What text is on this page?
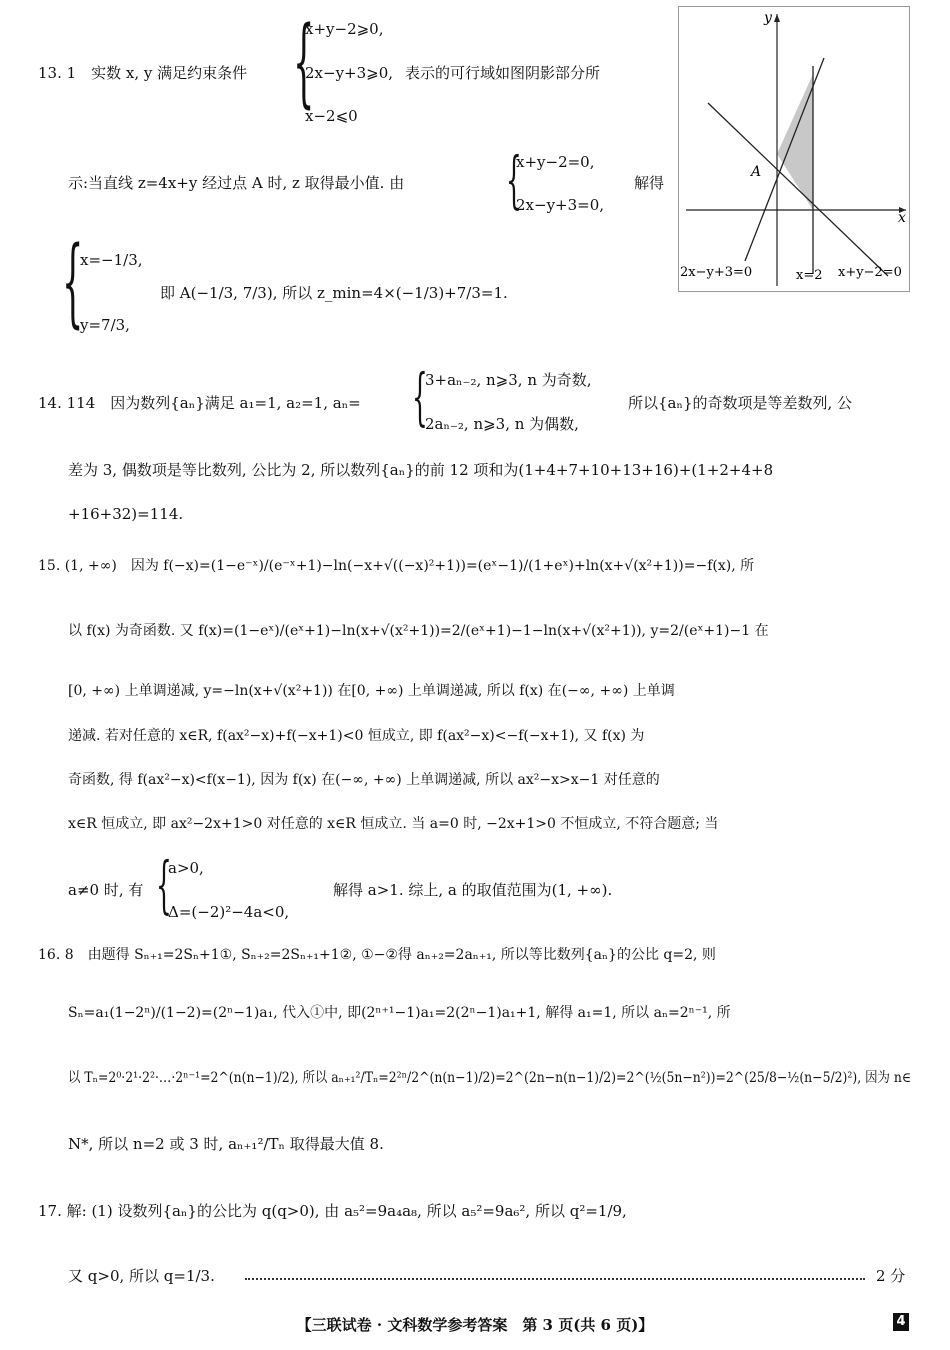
13. 1　实数 x, y 满足约束条件 {
x+y−2⩾0,
2x−y+3⩾0, 表示的可行域如图阴影部分所
x−2⩽0
示:当直线 z=4x+y 经过点 A 时, z 取得最小值. 由 {
x+y−2=0,
2x−y+3=0,
解得
{
x=−1/3,
y=7/3,
即 A(−1/3, 7/3), 所以 z_min=4×(−1/3)+7/3=1.
y
x
A
2x−y+3=0	x=2 x+y−2=0
14. 114　因为数列{aₙ}满足 a₁=1, a₂=1, aₙ= {
3+aₙ₋₂, n⩾3, n 为奇数,
2aₙ₋₂, n⩾3, n 为偶数,
所以{aₙ}的奇数项是等差数列, 公
差为 3, 偶数项是等比数列, 公比为 2, 所以数列{aₙ}的前 12 项和为(1+4+7+10+13+16)+(1+2+4+8
+16+32)=114.
15. (1, +∞)　因为 f(−x)=(1−e⁻ˣ)/(e⁻ˣ+1)−ln(−x+√((−x)²+1))=(eˣ−1)/(1+eˣ)+ln(x+√(x²+1))=−f(x), 所
以 f(x) 为奇函数. 又 f(x)=(1−eˣ)/(eˣ+1)−ln(x+√(x²+1))=2/(eˣ+1)−1−ln(x+√(x²+1)), y=2/(eˣ+1)−1 在
[0, +∞) 上单调递减, y=−ln(x+√(x²+1)) 在[0, +∞) 上单调递减, 所以 f(x) 在(−∞, +∞) 上单调
递减. 若对任意的 x∈R, f(ax²−x)+f(−x+1)<0 恒成立, 即 f(ax²−x)<−f(−x+1), 又 f(x) 为
奇函数, 得 f(ax²−x)<f(x−1), 因为 f(x) 在(−∞, +∞) 上单调递减, 所以 ax²−x>x−1 对任意的
x∈R 恒成立, 即 ax²−2x+1>0 对任意的 x∈R 恒成立. 当 a=0 时, −2x+1>0 不恒成立, 不符合题意; 当
a≠0 时, 有 {
a>0,
Δ=(−2)²−4a<0,
解得 a>1. 综上, a 的取值范围为(1, +∞).
16. 8　由题得 Sₙ₊₁=2Sₙ+1①, Sₙ₊₂=2Sₙ₊₁+1②, ①−②得 aₙ₊₂=2aₙ₊₁, 所以等比数列{aₙ}的公比 q=2, 则
Sₙ=a₁(1−2ⁿ)/(1−2)=(2ⁿ−1)a₁, 代入①中, 即(2ⁿ⁺¹−1)a₁=2(2ⁿ−1)a₁+1, 解得 a₁=1, 所以 aₙ=2ⁿ⁻¹, 所
以 Tₙ=2⁰·2¹·2²·…·2ⁿ⁻¹=2^(n(n−1)/2), 所以 aₙ₊₁²/Tₙ=2²ⁿ/2^(n(n−1)/2)=2^(2n−n(n−1)/2)=2^(½(5n−n²))=2^(25/8−½(n−5/2)²), 因为 n∈
N*, 所以 n=2 或 3 时, aₙ₊₁²/Tₙ 取得最大值 8.
17. 解: (1) 设数列{aₙ}的公比为 q(q>0), 由 a₅²=9a₄a₈, 所以 a₅²=9a₆², 所以 q²=1/9,
又 q>0, 所以 q=1/3.	2 分
【三联试卷 · 文科数学参考答案　第 3 页(共 6 页)】	4
